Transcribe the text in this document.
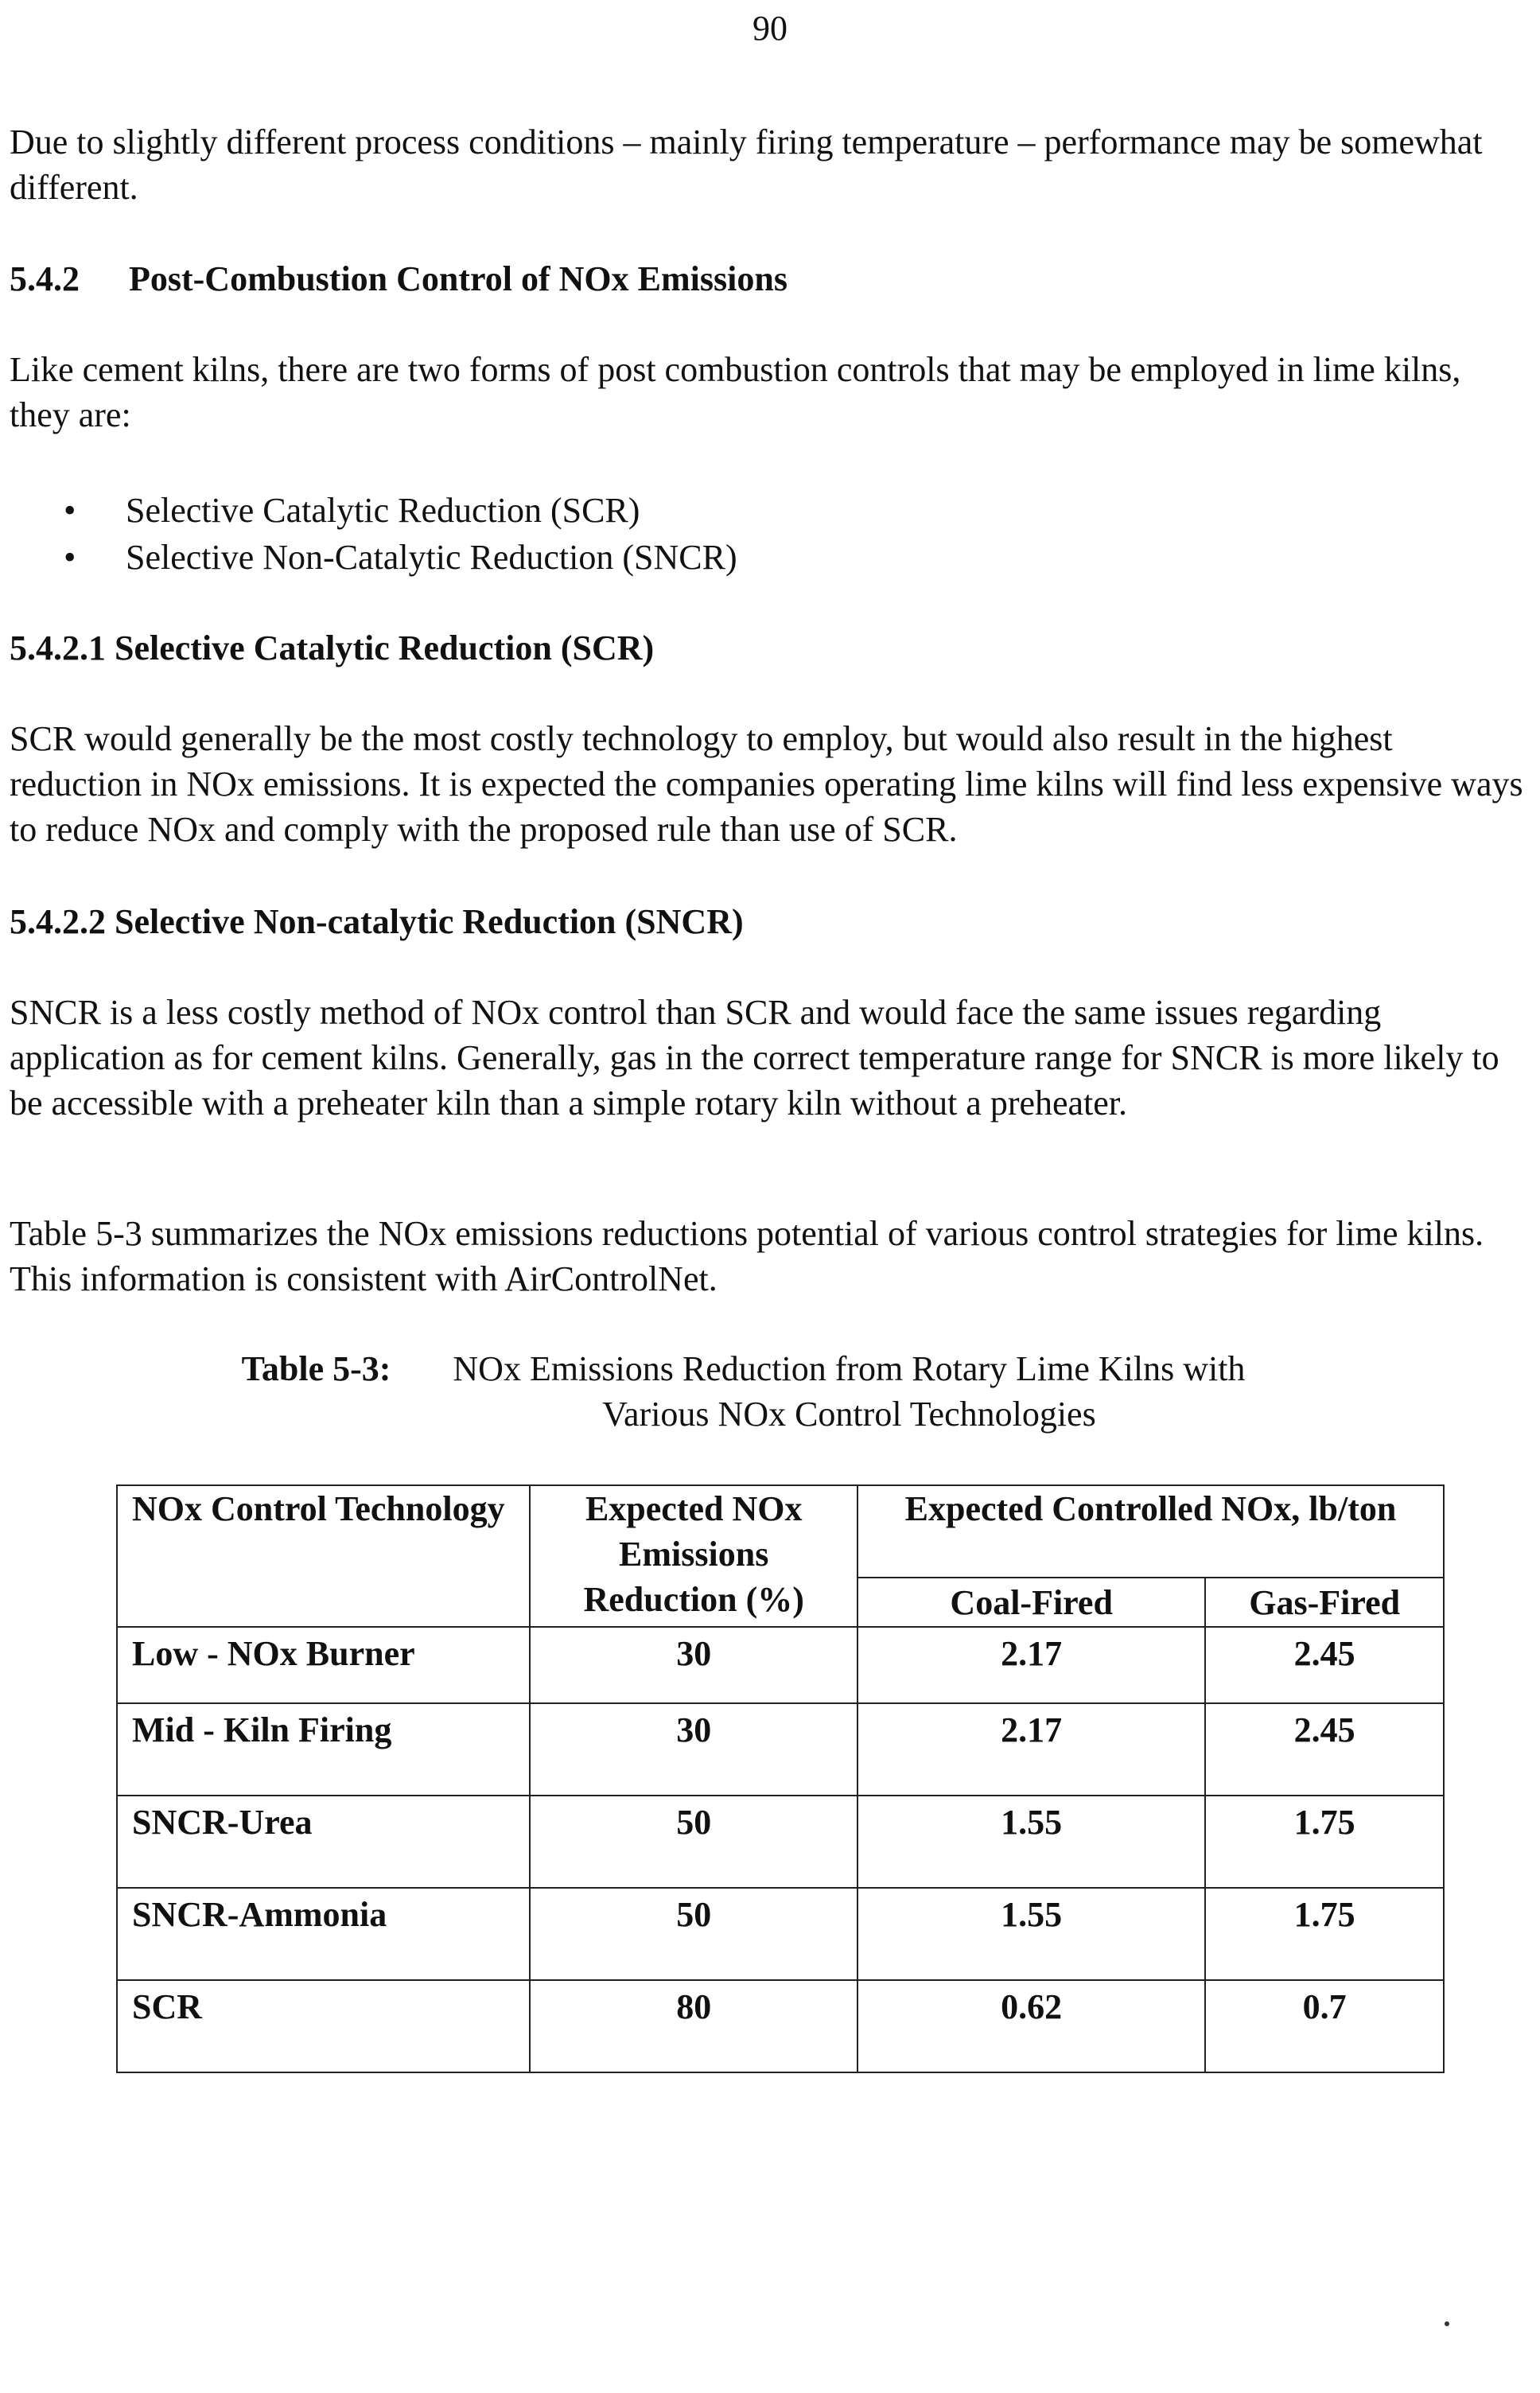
90

Due to slightly different process conditions – mainly firing temperature – performance may be somewhat different.

5.4.2 Post-Combustion Control of NOx Emissions

Like cement kilns, there are two forms of post combustion controls that may be employed in lime kilns, they are:

• Selective Catalytic Reduction (SCR)
• Selective Non-Catalytic Reduction (SNCR)
5.4.2.1 Selective Catalytic Reduction (SCR)

SCR would generally be the most costly technology to employ, but would also result in the highest reduction in NOx emissions. It is expected the companies operating lime kilns will find less expensive ways to reduce NOx and comply with the proposed rule than use of SCR.

5.4.2.2 Selective Non-catalytic Reduction (SNCR)

SNCR is a less costly method of NOx control than SCR and would face the same issues regarding application as for cement kilns. Generally, gas in the correct temperature range for SNCR is more likely to be accessible with a preheater kiln than a simple rotary kiln without a preheater.

Table 5-3 summarizes the NOx emissions reductions potential of various control strategies for lime kilns. This information is consistent with AirControlNet.

Table 5-3: NOx Emissions Reduction from Rotary Lime Kilns with Various NOx Control Technologies
NOx Control Technology	Expected NOx Emissions Reduction (%)	Expected Controlled NOx, lb/ton	
		Coal-Fired	Gas-Fired
Low - NOx Burner	30	2.17	2.45
Mid - Kiln Firing	30	2.17	2.45
SNCR-Urea	50	1.55	1.75
SNCR-Ammonia	50	1.55	1.75
SCR	80	0.62	0.7
